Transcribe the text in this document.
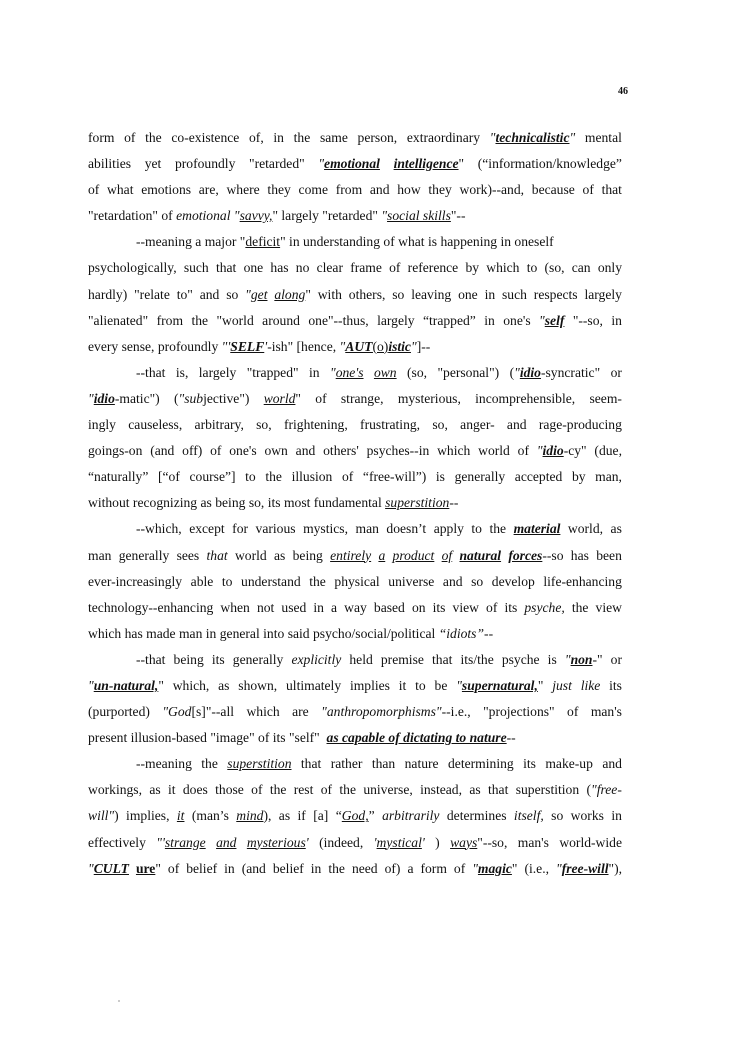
46
form of the co-existence of, in the same person, extraordinary "technicalistic" mental
abilities yet profoundly "retarded" "emotional intelligence" (“information/knowledge”
of what emotions are, where they come from and how they work)--and, because of that
"retardation" of emotional " savvy, " largely "retarded" " social skills "--
--meaning a major " deficit " in understanding of what is happening in oneself
psychologically, such that one has no clear frame of reference by which to (so, can only
hardly) "relate to" and so "get along" with others, so leaving one in such respects largely
"alienated" from the "world around one"--thus, largely “trapped” in one's "self "--so, in
every sense, profoundly "' SELF ' -ish" [hence, " AUT (o) istic " ]--
--that is, largely "trapped" in "one's own (so, "personal") ("idio-syncratic" or
"idio-matic") ("subjective") world" of strange, mysterious, incomprehensible, seem-
ingly causeless, arbitrary, so, frightening, frustrating, so, anger- and rage-producing
goings-on (and off) of one's own and others' psyches--in which world of "idio-cy" (due,
“naturally” [“of course”] to the illusion of “free-will”) is generally accepted by man,
without recognizing as being so, its most fundamental superstition --
--which, except for various mystics, man doesn’t apply to the material world, as
man generally sees that world as being entirely a product of natural forces--so has been
ever-increasingly able to understand the physical universe and so develop life-enhancing
technology--enhancing when not used in a way based on its view of its psyche, the view
which has made man in general into said psycho/social/political “idiots” --
--that being its generally explicitly held premise that its/the psyche is "non-" or
"un-natural," which, as shown, ultimately implies it to be "supernatural," just like its
(purported) "God[s]"--all which are "anthropomorphisms"--i.e., "projections" of man's
present illusion-based "image" of its "self" as capable of dictating to nature --
--meaning the superstition that rather than nature determining its make-up and
workings, as it does those of the rest of the universe, instead, as that superstition ("free-
will") implies, it (man’s mind), as if [a] “God,” arbitrarily determines itself, so works in
effectively "'strange and mysterious' (indeed, 'mystical' ) ways"--so, man's world-wide
"CULT ure" of belief in (and belief in the need of) a form of "magic" (i.e., "free-will"),
